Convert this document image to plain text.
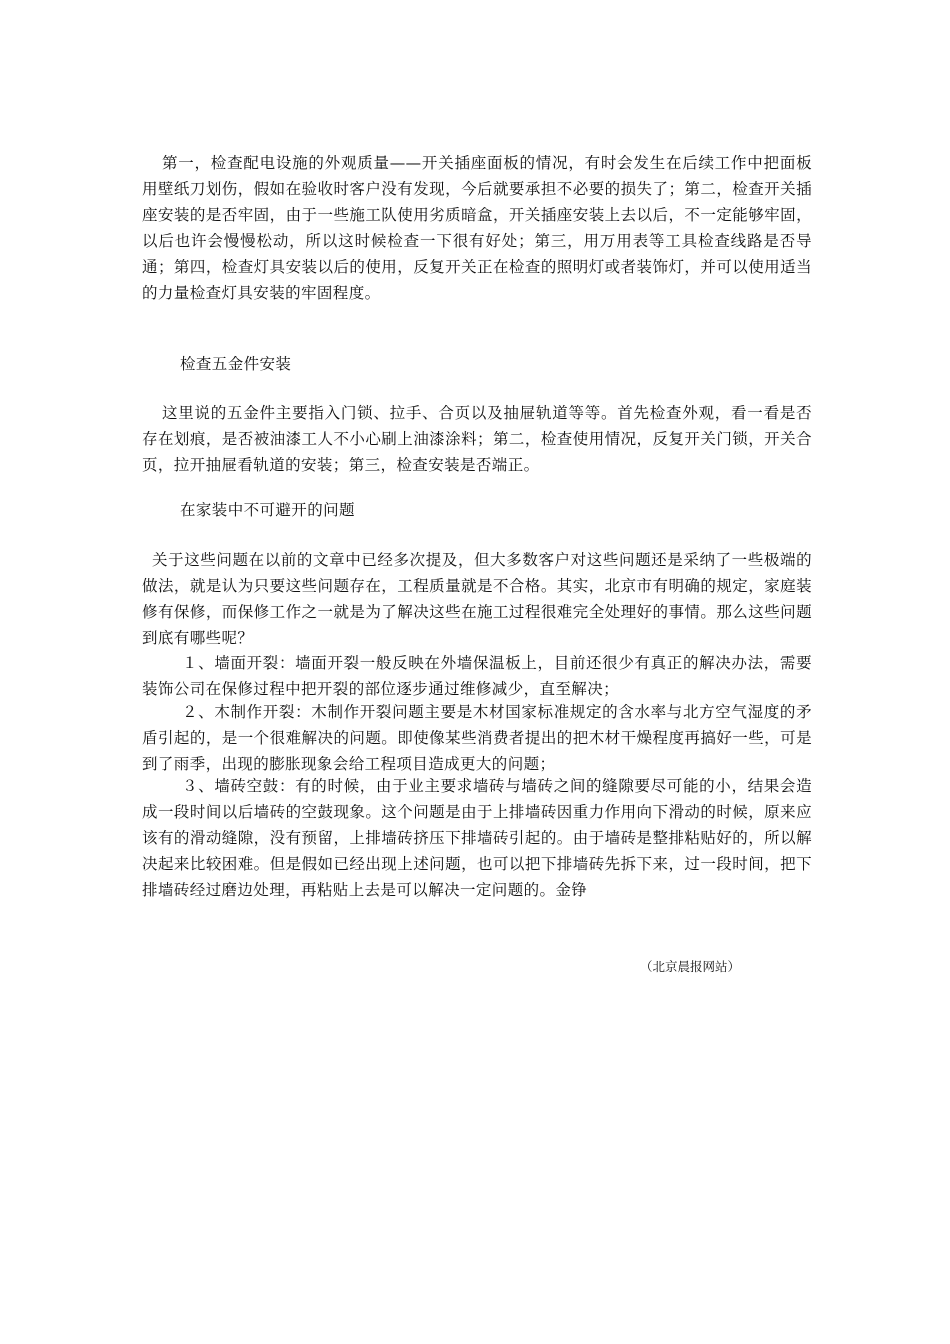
第一，检查配电设施的外观质量——开关插座面板的情况，有时会发生在后续工作中把面板用壁纸刀划伤，假如在验收时客户没有发现，今后就要承担不必要的损失了；第二，检查开关插座安装的是否牢固，由于一些施工队使用劣质暗盒，开关插座安装上去以后，不一定能够牢固，以后也许会慢慢松动，所以这时候检查一下很有好处；第三，用万用表等工具检查线路是否导通；第四，检查灯具安装以后的使用，反复开关正在检查的照明灯或者装饰灯，并可以使用适当的力量检查灯具安装的牢固程度。

检查五金件安装

这里说的五金件主要指入门锁、拉手、合页以及抽屉轨道等等。首先检查外观，看一看是否存在划痕，是否被油漆工人不小心刷上油漆涂料；第二，检查使用情况，反复开关门锁，开关合页，拉开抽屉看轨道的安装；第三，检查安装是否端正。

在家装中不可避开的问题

关于这些问题在以前的文章中已经多次提及，但大多数客户对这些问题还是采纳了一些极端的做法，就是认为只要这些问题存在，工程质量就是不合格。其实，北京市有明确的规定，家庭装修有保修，而保修工作之一就是为了解决这些在施工过程很难完全处理好的事情。那么这些问题到底有哪些呢？

１、墙面开裂：墙面开裂一般反映在外墙保温板上，目前还很少有真正的解决办法，需要装饰公司在保修过程中把开裂的部位逐步通过维修减少，直至解决；

２、木制作开裂：木制作开裂问题主要是木材国家标准规定的含水率与北方空气湿度的矛盾引起的，是一个很难解决的问题。即使像某些消费者提出的把木材干燥程度再搞好一些，可是到了雨季，出现的膨胀现象会给工程项目造成更大的问题；

３、墙砖空鼓：有的时候，由于业主要求墙砖与墙砖之间的缝隙要尽可能的小，结果会造成一段时间以后墙砖的空鼓现象。这个问题是由于上排墙砖因重力作用向下滑动的时候，原来应该有的滑动缝隙，没有预留，上排墙砖挤压下排墙砖引起的。由于墙砖是整排粘贴好的，所以解决起来比较困难。但是假如已经出现上述问题，也可以把下排墙砖先拆下来，过一段时间，把下排墙砖经过磨边处理，再粘贴上去是可以解决一定问题的。金铮

（北京晨报网站）
